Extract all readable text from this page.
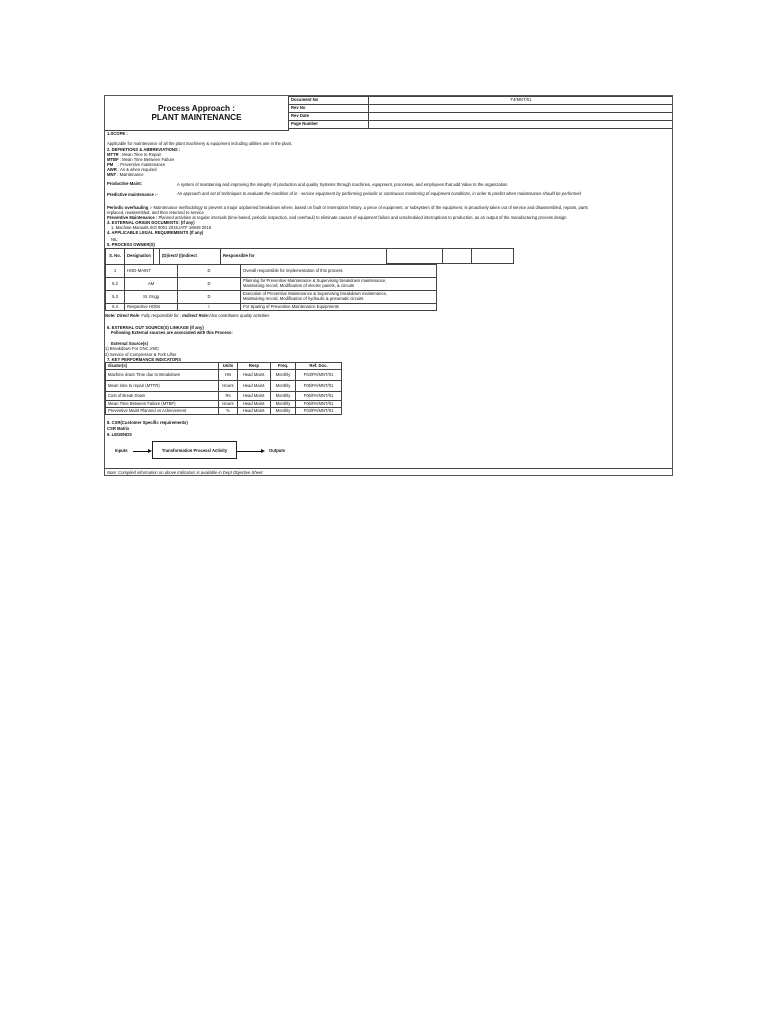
Process Approach :
PLANT MAINTENANCE
Document No	F4/MNT/01
Rev No	
Rev Date	
Page Number	
1.SCOPE :
Applicable for maintenance of all the plant machinery & equipment including utilities use in the plant.
2. DEFINITIONS & ABBREVIATIONS :
MTTR : Mean Time to Repair
MTBF : Mean Time Between Failure
PM : Preventive maintenance
AWR : As & when required
MNT : Maintenance
Productive Maint:	A system of maintaining and improving the integrity of production and quality Systems through machines, equipment, processes, and employees that add Value to the organization
Predictive maintenance :-	An approach and set of techniques to evaluate the condition of in - service equipment by performing periodic or continuous monitoring of equipment conditions, in order to predict when maintenance should be performed
Periodic overhauling :- Maintenance methodology to prevent a major unplanned breakdown where, based on fault or interruption history, a piece of equipment, or subsystem of the equipment, is proactively taken out of service and disassembled, repairs, parts
replaced, reassembled, and then returned to service
Preventive Maintenance : Planned activities at regular intervals (time-based, periodic inspection, and overhaul) to eliminate causes of equipment failure and unscheduled interruptions to production, as an output of the manufacturing process design
3. EXTERNAL ORIGIN DOCUMENTS: (If any)
1. Machine Manuals,ISO 9001 2015,IATF 16949 2016
4. APPLICABLE LEGAL REQUIREMENTS (If any)
NIL
5. PROCESS OWNER(S)
S. No.	Designation		(D)irect/ (I)ndirect	Responsible for
1	HOD-MAINT	D	Overall responsible for implementation of this process

5.2	AM	D	Planning for Preventive Maintenance & Supervising breakdown maintenance,
Maintaining record, Modification of electric panels, & circuits

5.3	Sr. Engg	D	Execution of Preventive Maintenance & Supervising breakdown maintenance,
Maintaining record, Modification of hydraulic & pneumatic circuits

5.4	Respective HODs	I	For Sparing of Preventive Maintenance Equipments
Note: Direct Role: Fully responsible for ; Indirect Role:Also contributes quality activities
6. EXTERNAL OUT SOURCE(S) LINKAGE (If any)
Following External sources are associated with this Process:
External Source(s)
1) Breakdown For CNC,VMC
2) Service of Compressor & Fork Lifter
7. KEY PERFORMANCE INDICATORS
dicator(s)	Units	Resp	Freq.	Ref. Doc.
Machine down Time due to Breakdown	Hrs	Head Maint.	Monthly	F04/PA/MNT/01
Mean time to repair (MTTR)	Hours	Head Maint.	Monthly	F05/PA/MNT/01
Cost of Break Down	Rs	Head Maint.	Monthly	F06/PA/MNT/01
Mean Time Between Failure (MTBF)	Hours	Head Maint.	Monthly	F06/PA/MNT/01
Preventive Maint Planned vs Achievement	%	Head Maint.	Monthly	F03/PA/MNT/01
8. CSR(Customer Specific requirements)
CSR Matrix
9. LEGENDS
Inputs	Transformation Process/ Activity	Outputs
Note: Compiled information on above Indicators is available in Dept Objective Sheet
